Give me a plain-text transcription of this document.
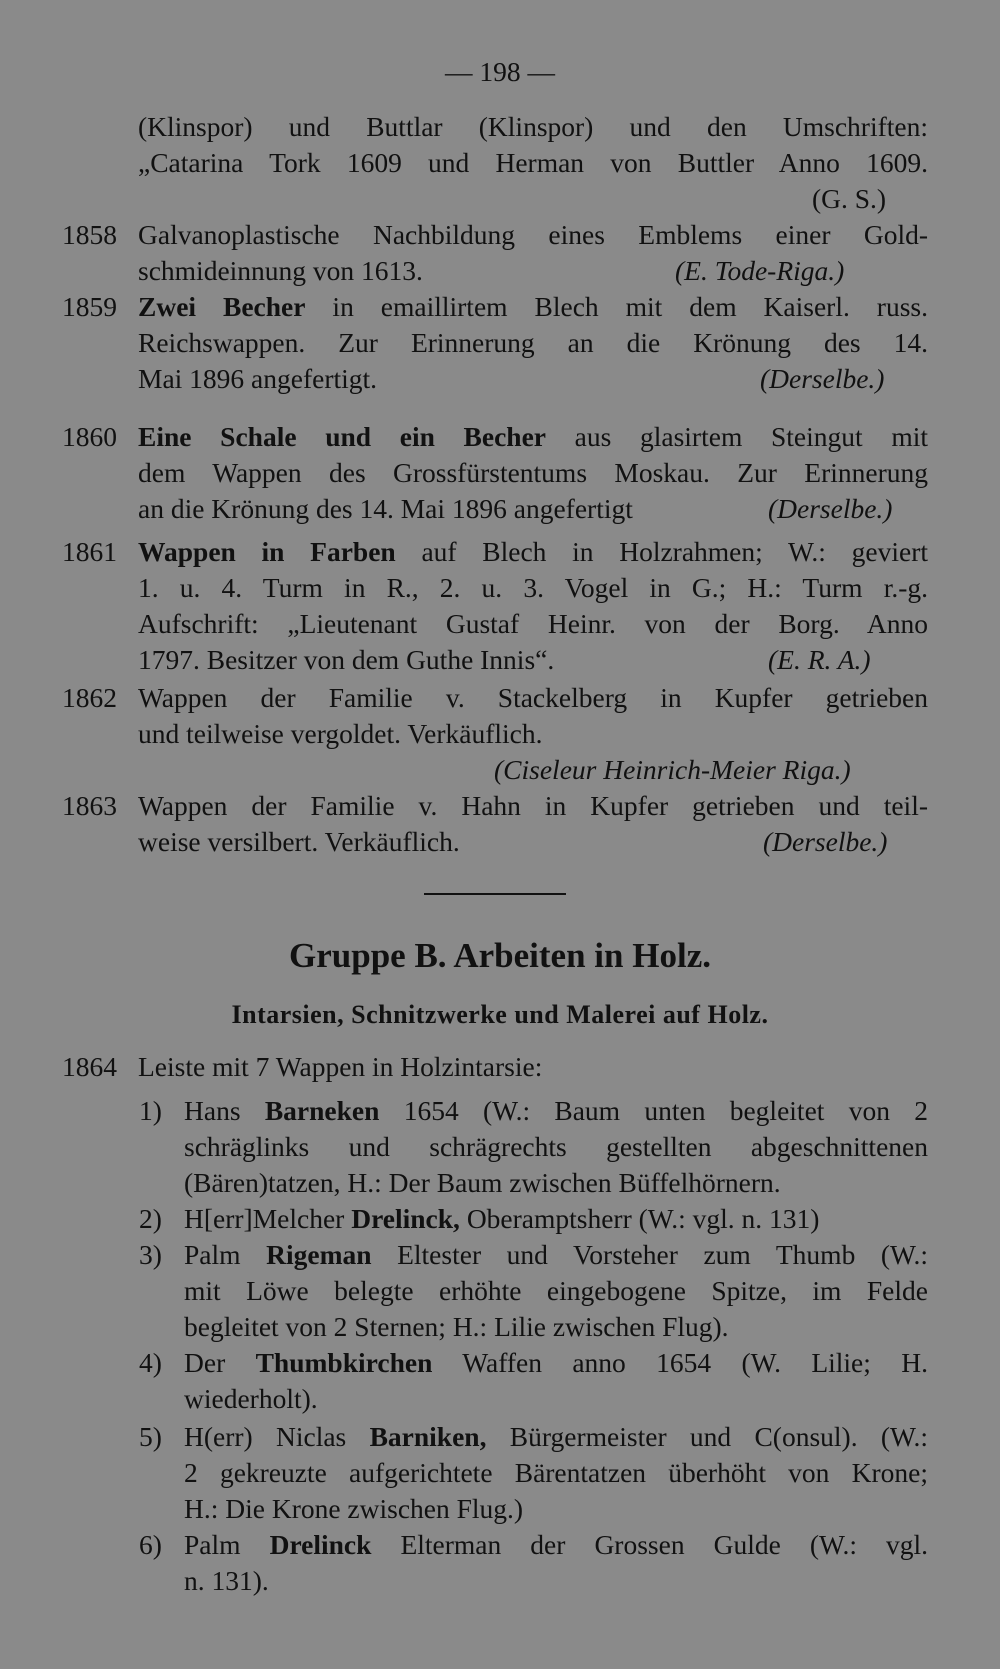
— 198 —
(Klinspor) und Buttlar (Klinspor) und den Umschriften:
„Catarina Tork 1609 und Herman von Buttler Anno 1609.
(G. S.)
1858 Galvanoplastische Nachbildung eines Emblems einer Gold-
schmideinnung von 1613.	(E. Tode-Riga.)
1859 Zwei Becher in emaillirtem Blech mit dem Kaiserl. russ.
Reichswappen. Zur Erinnerung an die Krönung des 14.
Mai 1896 angefertigt.	(Derselbe.)
1860 Eine Schale und ein Becher aus glasirtem Steingut mit
dem Wappen des Grossfürstentums Moskau. Zur Erinnerung
an die Krönung des 14. Mai 1896 angefertigt	(Derselbe.)
1861 Wappen in Farben auf Blech in Holzrahmen; W.: geviert
1. u. 4. Turm in R., 2. u. 3. Vogel in G.; H.: Turm r.-g.
Aufschrift: „Lieutenant Gustaf Heinr. von der Borg. Anno
1797. Besitzer von dem Guthe Innis“.	(E. R. A.)
1862 Wappen der Familie v. Stackelberg in Kupfer getrieben
und teilweise vergoldet. Verkäuflich.
(Ciseleur Heinrich-Meier Riga.)
1863 Wappen der Familie v. Hahn in Kupfer getrieben und teil-
weise versilbert. Verkäuflich.	(Derselbe.)
Gruppe B. Arbeiten in Holz.
Intarsien, Schnitzwerke und Malerei auf Holz.
1864 Leiste mit 7 Wappen in Holzintarsie:
1) Hans Barneken 1654 (W.: Baum unten begleitet von 2
schräglinks und schrägrechts gestellten abgeschnittenen
(Bären)tatzen, H.: Der Baum zwischen Büffelhörnern.
2) H[err]Melcher Drelinck, Oberamptsherr (W.: vgl. n. 131)
3) Palm Rigeman Eltester und Vorsteher zum Thumb (W.:
mit Löwe belegte erhöhte eingebogene Spitze, im Felde
begleitet von 2 Sternen; H.: Lilie zwischen Flug).
4) Der Thumbkirchen Waffen anno 1654 (W. Lilie; H.
wiederholt).
5) H(err) Niclas Barniken, Bürgermeister und C(onsul). (W.:
2 gekreuzte aufgerichtete Bärentatzen überhöht von Krone;
H.: Die Krone zwischen Flug.)
6) Palm Drelinck Elterman der Grossen Gulde (W.: vgl.
n. 131).
